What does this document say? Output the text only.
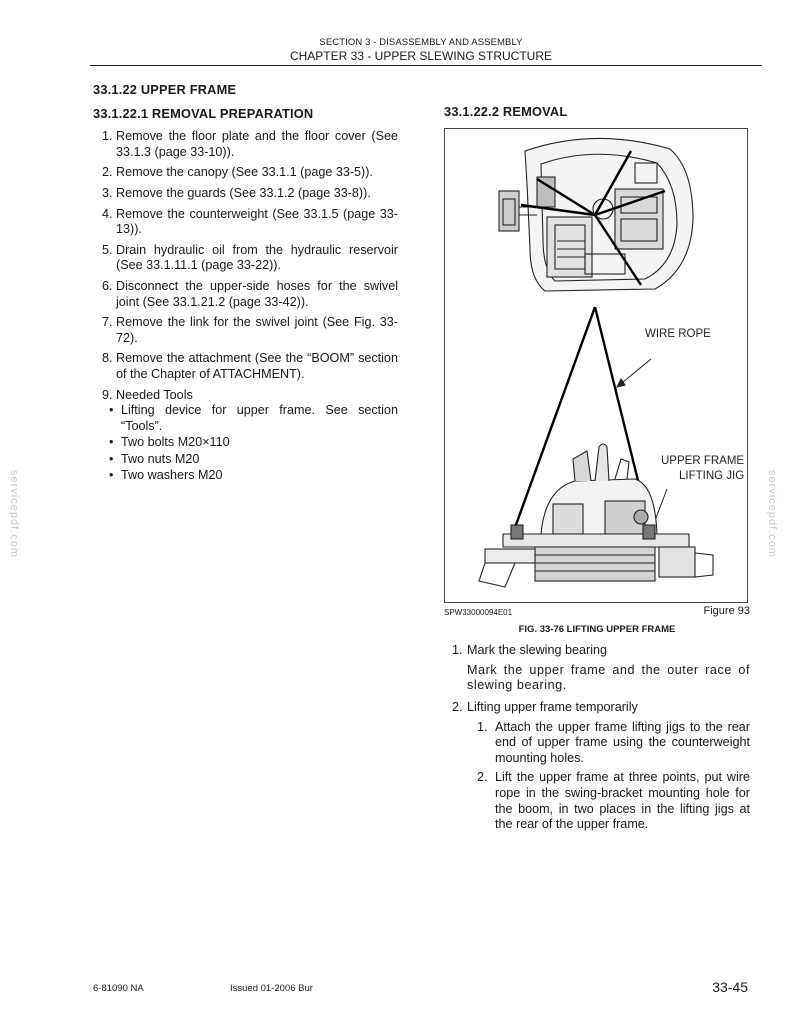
SECTION 3 - DISASSEMBLY AND ASSEMBLY
CHAPTER 33 - UPPER SLEWING STRUCTURE
servicepdf.com	servicepdf.com
33.1.22 UPPER FRAME
33.1.22.1 REMOVAL PREPARATION
1. Remove the floor plate and the floor cover (See 33.1.3 (page 33-10)).
2. Remove the canopy (See 33.1.1 (page 33-5)).
3. Remove the guards (See 33.1.2 (page 33-8)).
4. Remove the counterweight (See 33.1.5 (page 33-13)).
5. Drain hydraulic oil from the hydraulic reservoir (See 33.1.11.1 (page 33-22)).
6. Disconnect the upper-side hoses for the swivel joint (See 33.1.21.2 (page 33-42)).
7. Remove the link for the swivel joint (See Fig. 33-72).
8. Remove the attachment (See the “BOOM” section of the Chapter of ATTACHMENT).
9. Needed Tools
• Lifting device for upper frame. See section “Tools”.
• Two bolts M20×110
• Two nuts M20
• Two washers M20
33.1.22.2 REMOVAL
WIRE ROPE
UPPER FRAME
LIFTING JIG
SPW33000094E01	Figure 93
FIG. 33-76 LIFTING UPPER FRAME
1. Mark the slewing bearing
Mark the upper frame and the outer race of slewing bearing.
2. Lifting upper frame temporarily
1. Attach the upper frame lifting jigs to the rear end of upper frame using the counterweight mounting holes.
2. Lift the upper frame at three points, put wire rope in the swing-bracket mounting hole for the boom, in two places in the lifting jigs at the rear of the upper frame.
6-81090 NA	Issued 01-2006 Bur	33-45
